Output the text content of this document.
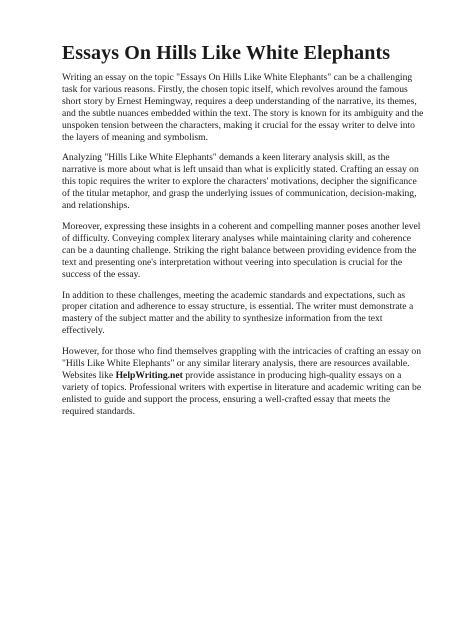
Essays On Hills Like White Elephants

Writing an essay on the topic "Essays On Hills Like White Elephants" can be a challenging task for various reasons. Firstly, the chosen topic itself, which revolves around the famous short story by Ernest Hemingway, requires a deep understanding of the narrative, its themes, and the subtle nuances embedded within the text. The story is known for its ambiguity and the unspoken tension between the characters, making it crucial for the essay writer to delve into the layers of meaning and symbolism.

Analyzing "Hills Like White Elephants" demands a keen literary analysis skill, as the narrative is more about what is left unsaid than what is explicitly stated. Crafting an essay on this topic requires the writer to explore the characters' motivations, decipher the significance of the titular metaphor, and grasp the underlying issues of communication, decision-making, and relationships.

Moreover, expressing these insights in a coherent and compelling manner poses another level of difficulty. Conveying complex literary analyses while maintaining clarity and coherence can be a daunting challenge. Striking the right balance between providing evidence from the text and presenting one's interpretation without veering into speculation is crucial for the success of the essay.

In addition to these challenges, meeting the academic standards and expectations, such as proper citation and adherence to essay structure, is essential. The writer must demonstrate a mastery of the subject matter and the ability to synthesize information from the text effectively.

However, for those who find themselves grappling with the intricacies of crafting an essay on "Hills Like White Elephants" or any similar literary analysis, there are resources available. Websites like HelpWriting.net provide assistance in producing high-quality essays on a variety of topics. Professional writers with expertise in literature and academic writing can be enlisted to guide and support the process, ensuring a well-crafted essay that meets the required standards.
